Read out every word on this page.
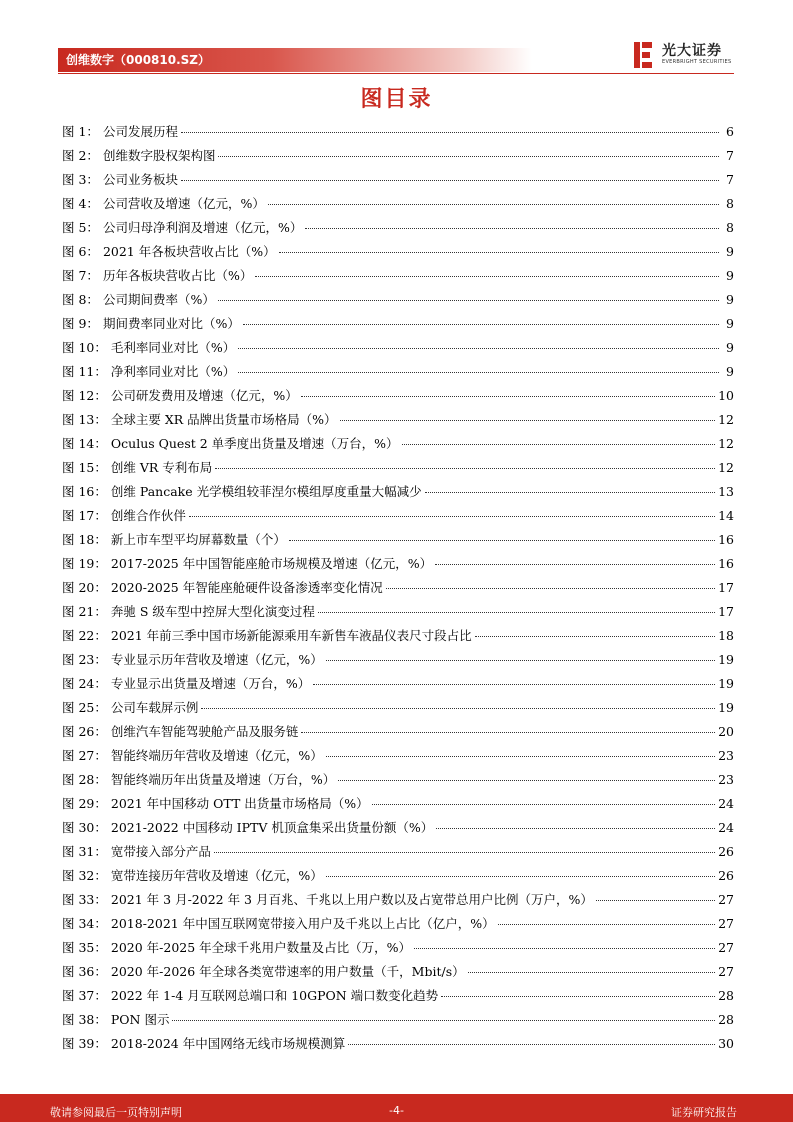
创维数字（000810.SZ）
光大证券
EVERBRIGHT SECURITIES
图目录
图 1： 公司发展历程	6
图 2： 创维数字股权架构图	7
图 3： 公司业务板块	7
图 4： 公司营收及增速（亿元，%）	8
图 5： 公司归母净利润及增速（亿元，%）	8
图 6： 2021 年各板块营收占比（%）	9
图 7： 历年各板块营收占比（%）	9
图 8： 公司期间费率（%）	9
图 9： 期间费率同业对比（%）	9
图 10： 毛利率同业对比（%）	9
图 11： 净利率同业对比（%）	9
图 12： 公司研发费用及增速（亿元，%）	10
图 13： 全球主要 XR 品牌出货量市场格局（%）	12
图 14： Oculus Quest 2 单季度出货量及增速（万台，%）	12
图 15： 创维 VR 专利布局	12
图 16： 创维 Pancake 光学模组较菲涅尔模组厚度重量大幅减少	13
图 17： 创维合作伙伴	14
图 18： 新上市车型平均屏幕数量（个）	16
图 19： 2017-2025 年中国智能座舱市场规模及增速（亿元，%）	16
图 20： 2020-2025 年智能座舱硬件设备渗透率变化情况	17
图 21： 奔驰 S 级车型中控屏大型化演变过程	17
图 22： 2021 年前三季中国市场新能源乘用车新售车液晶仪表尺寸段占比	18
图 23： 专业显示历年营收及增速（亿元，%）	19
图 24： 专业显示出货量及增速（万台，%）	19
图 25： 公司车载屏示例	19
图 26： 创维汽车智能驾驶舱产品及服务链	20
图 27： 智能终端历年营收及增速（亿元，%）	23
图 28： 智能终端历年出货量及增速（万台，%）	23
图 29： 2021 年中国移动 OTT 出货量市场格局（%）	24
图 30： 2021-2022 中国移动 IPTV 机顶盒集采出货量份额（%）	24
图 31： 宽带接入部分产品	26
图 32： 宽带连接历年营收及增速（亿元，%）	26
图 33： 2021 年 3 月-2022 年 3 月百兆、千兆以上用户数以及占宽带总用户比例（万户，%）	27
图 34： 2018-2021 年中国互联网宽带接入用户及千兆以上占比（亿户，%）	27
图 35： 2020 年-2025 年全球千兆用户数量及占比（万，%）	27
图 36： 2020 年-2026 年全球各类宽带速率的用户数量（千，Mbit/s）	27
图 37： 2022 年 1-4 月互联网总端口和 10GPON 端口数变化趋势	28
图 38： PON 图示	28
图 39： 2018-2024 年中国网络无线市场规模测算	30
敬请参阅最后一页特别声明	-4-	证券研究报告
